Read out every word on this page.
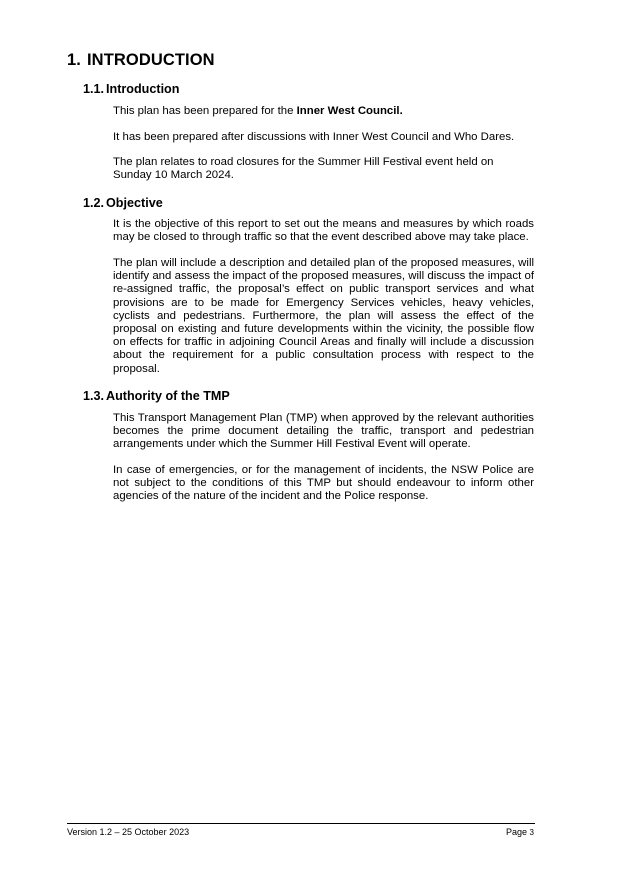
1. INTRODUCTION
1.1. Introduction
This plan has been prepared for the Inner West Council.
It has been prepared after discussions with Inner West Council and Who Dares.
The plan relates to road closures for the Summer Hill Festival event held on Sunday 10 March 2024.
1.2. Objective
It is the objective of this report to set out the means and measures by which roads may be closed to through traffic so that the event described above may take place.
The plan will include a description and detailed plan of the proposed measures, will identify and assess the impact of the proposed measures, will discuss the impact of re-assigned traffic, the proposal’s effect on public transport services and what provisions are to be made for Emergency Services vehicles, heavy vehicles, cyclists and pedestrians. Furthermore, the plan will assess the effect of the proposal on existing and future developments within the vicinity, the possible flow on effects for traffic in adjoining Council Areas and finally will include a discussion about the requirement for a public consultation process with respect to the proposal.
1.3. Authority of the TMP
This Transport Management Plan (TMP) when approved by the relevant authorities becomes the prime document detailing the traffic, transport and pedestrian arrangements under which the Summer Hill Festival Event will operate.
In case of emergencies, or for the management of incidents, the NSW Police are not subject to the conditions of this TMP but should endeavour to inform other agencies of the nature of the incident and the Police response.
Version 1.2 – 25 October 2023	Page 3
